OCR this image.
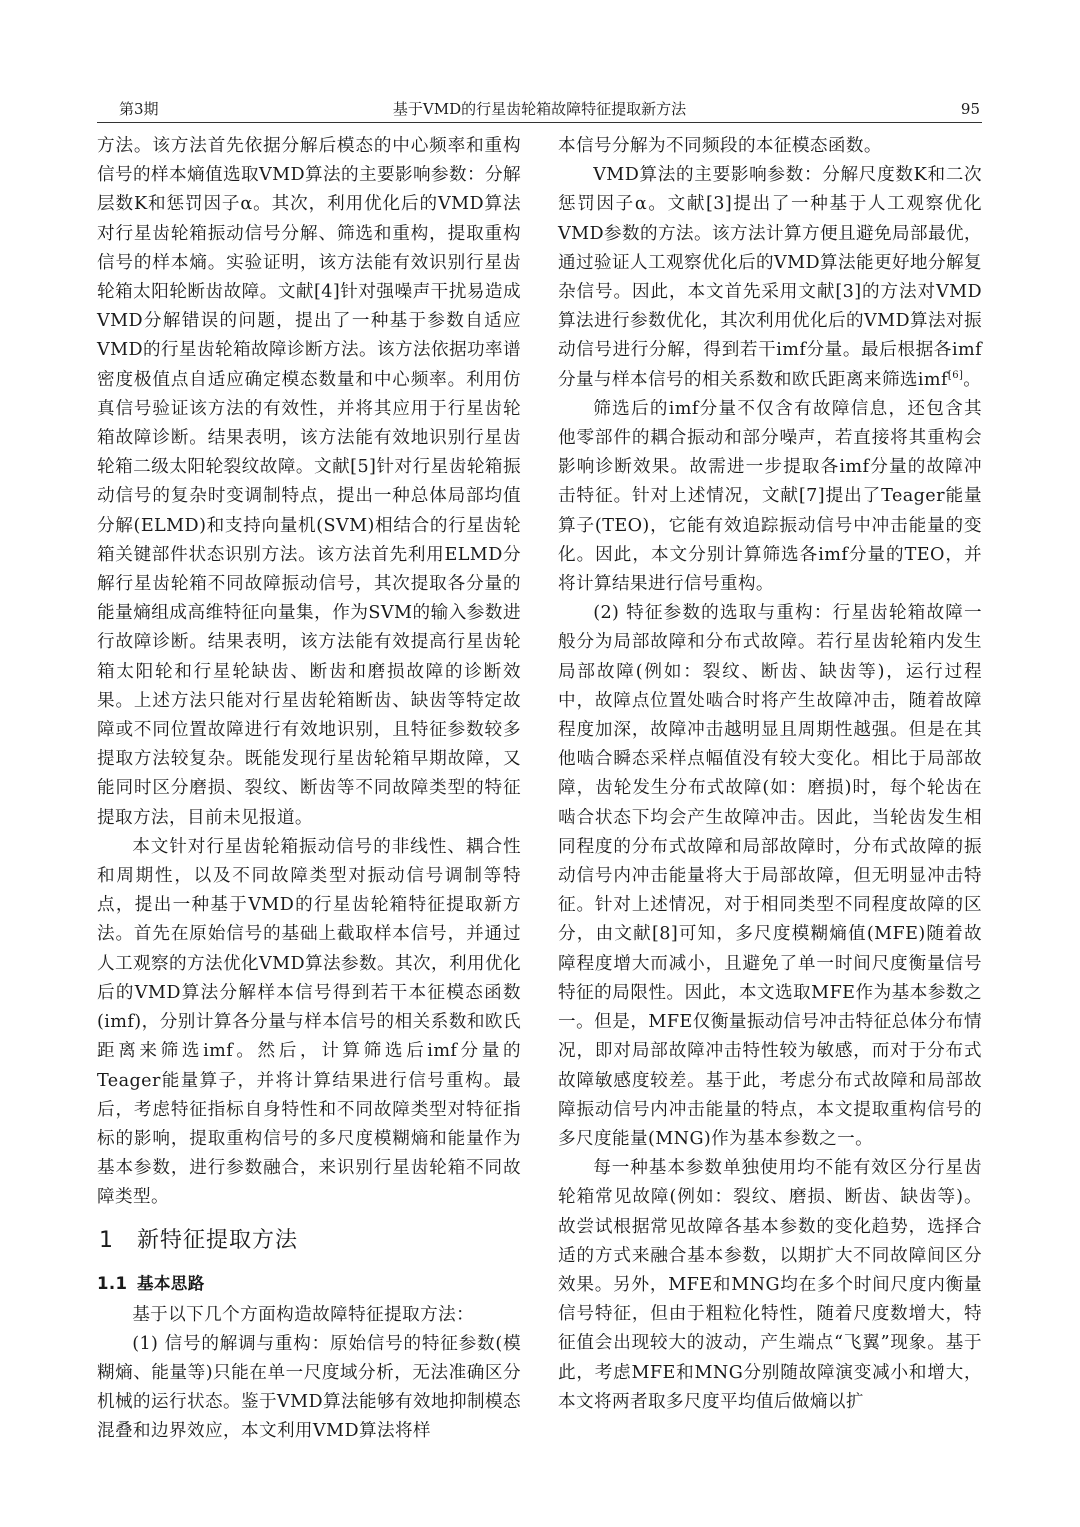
第3期	基于VMD的行星齿轮箱故障特征提取新方法	95

方法。该方法首先依据分解后模态的中心频率和重构信号的样本熵值选取VMD算法的主要影响参数：分解层数K和惩罚因子α。其次，利用优化后的VMD算法对行星齿轮箱振动信号分解、筛选和重构，提取重构信号的样本熵。实验证明，该方法能有效识别行星齿轮箱太阳轮断齿故障。文献[4]针对强噪声干扰易造成VMD分解错误的问题，提出了一种基于参数自适应VMD的行星齿轮箱故障诊断方法。该方法依据功率谱密度极值点自适应确定模态数量和中心频率。利用仿真信号验证该方法的有效性，并将其应用于行星齿轮箱故障诊断。结果表明，该方法能有效地识别行星齿轮箱二级太阳轮裂纹故障。文献[5]针对行星齿轮箱振动信号的复杂时变调制特点，提出一种总体局部均值分解(ELMD)和支持向量机(SVM)相结合的行星齿轮箱关键部件状态识别方法。该方法首先利用ELMD分解行星齿轮箱不同故障振动信号，其次提取各分量的能量熵组成高维特征向量集，作为SVM的输入参数进行故障诊断。结果表明，该方法能有效提高行星齿轮箱太阳轮和行星轮缺齿、断齿和磨损故障的诊断效果。上述方法只能对行星齿轮箱断齿、缺齿等特定故障或不同位置故障进行有效地识别，且特征参数较多提取方法较复杂。既能发现行星齿轮箱早期故障，又能同时区分磨损、裂纹、断齿等不同故障类型的特征提取方法，目前未见报道。

本文针对行星齿轮箱振动信号的非线性、耦合性和周期性，以及不同故障类型对振动信号调制等特点，提出一种基于VMD的行星齿轮箱特征提取新方法。首先在原始信号的基础上截取样本信号，并通过人工观察的方法优化VMD算法参数。其次，利用优化后的VMD算法分解样本信号得到若干本征模态函数(imf)，分别计算各分量与样本信号的相关系数和欧氏距离来筛选imf。然后，计算筛选后imf分量的Teager能量算子，并将计算结果进行信号重构。最后，考虑特征指标自身特性和不同故障类型对特征指标的影响，提取重构信号的多尺度模糊熵和能量作为基本参数，进行参数融合，来识别行星齿轮箱不同故障类型。

1 新特征提取方法
1.1 基本思路

基于以下几个方面构造故障特征提取方法：

(1) 信号的解调与重构：原始信号的特征参数(模糊熵、能量等)只能在单一尺度域分析，无法准确区分机械的运行状态。鉴于VMD算法能够有效地抑制模态混叠和边界效应，本文利用VMD算法将样

本信号分解为不同频段的本征模态函数。

VMD算法的主要影响参数：分解尺度数K和二次惩罚因子α。文献[3]提出了一种基于人工观察优化VMD参数的方法。该方法计算方便且避免局部最优，通过验证人工观察优化后的VMD算法能更好地分解复杂信号。因此，本文首先采用文献[3]的方法对VMD算法进行参数优化，其次利用优化后的VMD算法对振动信号进行分解，得到若干imf分量。最后根据各imf分量与样本信号的相关系数和欧氏距离来筛选imf[6]。

筛选后的imf分量不仅含有故障信息，还包含其他零部件的耦合振动和部分噪声，若直接将其重构会影响诊断效果。故需进一步提取各imf分量的故障冲击特征。针对上述情况，文献[7]提出了Teager能量算子(TEO)，它能有效追踪振动信号中冲击能量的变化。因此，本文分别计算筛选各imf分量的TEO，并将计算结果进行信号重构。

(2) 特征参数的选取与重构：行星齿轮箱故障一般分为局部故障和分布式故障。若行星齿轮箱内发生局部故障(例如：裂纹、断齿、缺齿等)，运行过程中，故障点位置处啮合时将产生故障冲击，随着故障程度加深，故障冲击越明显且周期性越强。但是在其他啮合瞬态采样点幅值没有较大变化。相比于局部故障，齿轮发生分布式故障(如：磨损)时，每个轮齿在啮合状态下均会产生故障冲击。因此，当轮齿发生相同程度的分布式故障和局部故障时，分布式故障的振动信号内冲击能量将大于局部故障，但无明显冲击特征。针对上述情况，对于相同类型不同程度故障的区分，由文献[8]可知，多尺度模糊熵值(MFE)随着故障程度增大而减小，且避免了单一时间尺度衡量信号特征的局限性。因此，本文选取MFE作为基本参数之一。但是，MFE仅衡量振动信号冲击特征总体分布情况，即对局部故障冲击特性较为敏感，而对于分布式故障敏感度较差。基于此，考虑分布式故障和局部故障振动信号内冲击能量的特点，本文提取重构信号的多尺度能量(MNG)作为基本参数之一。

每一种基本参数单独使用均不能有效区分行星齿轮箱常见故障(例如：裂纹、磨损、断齿、缺齿等)。故尝试根据常见故障各基本参数的变化趋势，选择合适的方式来融合基本参数，以期扩大不同故障间区分效果。另外，MFE和MNG均在多个时间尺度内衡量信号特征，但由于粗粒化特性，随着尺度数增大，特征值会出现较大的波动，产生端点“飞翼”现象。基于此，考虑MFE和MNG分别随故障演变减小和增大，本文将两者取多尺度平均值后做熵以扩
